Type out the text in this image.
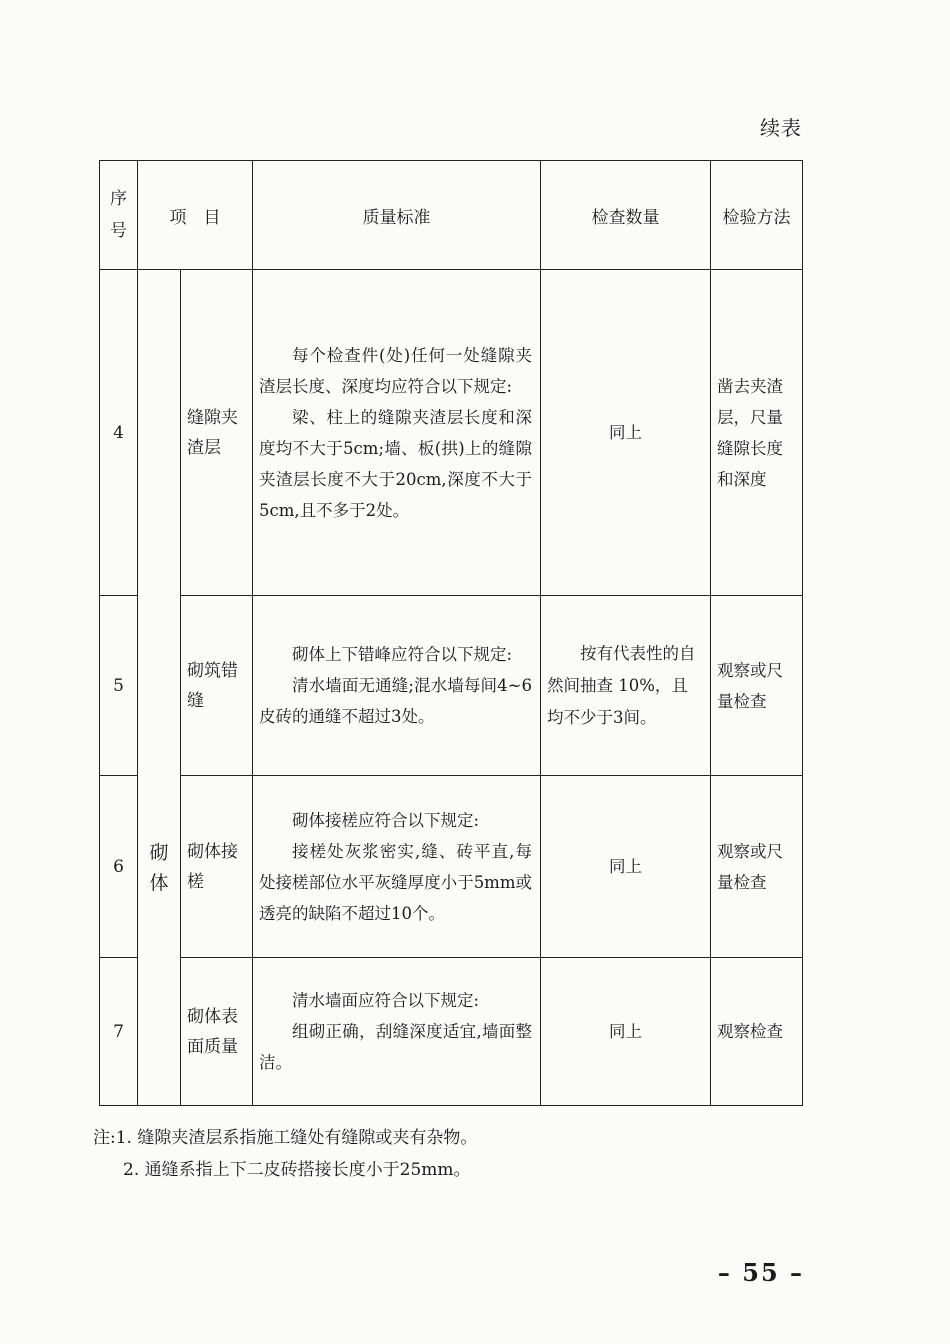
续表
序号	项　目		质量标准	检查数量	检验方法
4	砌体	缝隙夹渣层	每个检查件(处)任何一处缝隙夹渣层长度、深度均应符合以下规定:

梁、柱上的缝隙夹渣层长度和深度均不大于5cm;墙、板(拱)上的缝隙夹渣层长度不大于20cm,深度不大于5cm,且不多于2处。	同上	凿去夹渣层，尺量缝隙长度和深度
5		砌筑错缝	砌体上下错峰应符合以下规定:

清水墙面无通缝;混水墙每间4~6皮砖的通缝不超过3处。	按有代表性的自然间抽查 10%，且均不少于3间。	观察或尺量检查
6		砌体接槎	砌体接槎应符合以下规定:

接槎处灰浆密实,缝、砖平直,每处接槎部位水平灰缝厚度小于5mm或透亮的缺陷不超过10个。	同上	观察或尺量检查
7		砌体表面质量	清水墙面应符合以下规定:

组砌正确，刮缝深度适宜,墙面整洁。	同上	观察检查
注:1. 缝隙夹渣层系指施工缝处有缝隙或夹有杂物。
2. 通缝系指上下二皮砖搭接长度小于25mm。
– 55 –
